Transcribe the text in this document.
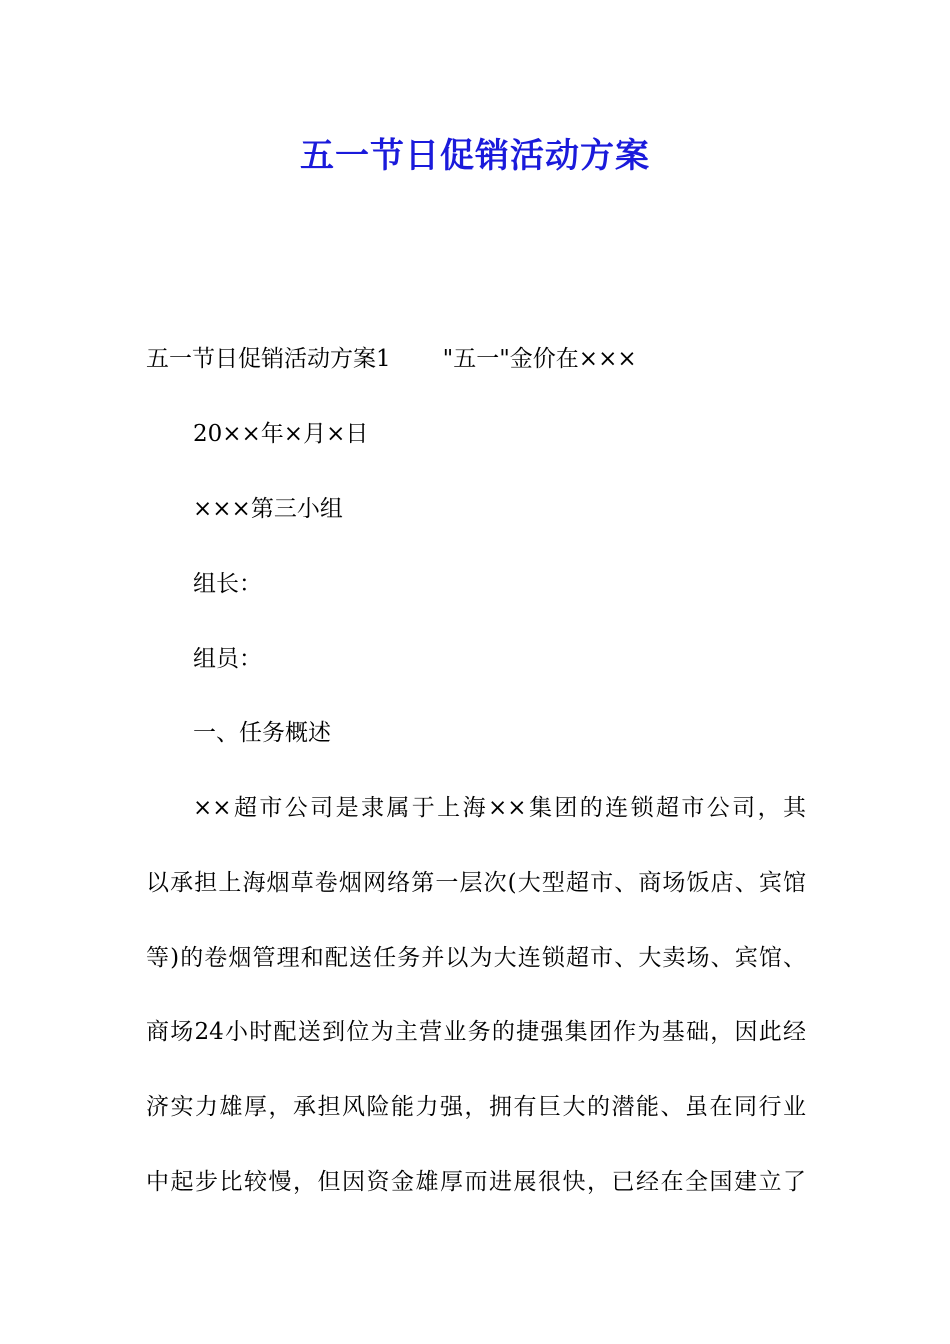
五一节日促销活动方案

五一节日促销活动方案1 "五一"金价在×××

20××年×月×日

×××第三小组

组长：

组员：

一、任务概述

××超市公司是隶属于上海××集团的连锁超市公司，其

以承担上海烟草卷烟网络第一层次(大型超市、商场饭店、宾馆

等)的卷烟管理和配送任务并以为大连锁超市、大卖场、宾馆、

商场24小时配送到位为主营业务的捷强集团作为基础，因此经

济实力雄厚，承担风险能力强，拥有巨大的潜能、虽在同行业

中起步比较慢，但因资金雄厚而进展很快，已经在全国建立了
